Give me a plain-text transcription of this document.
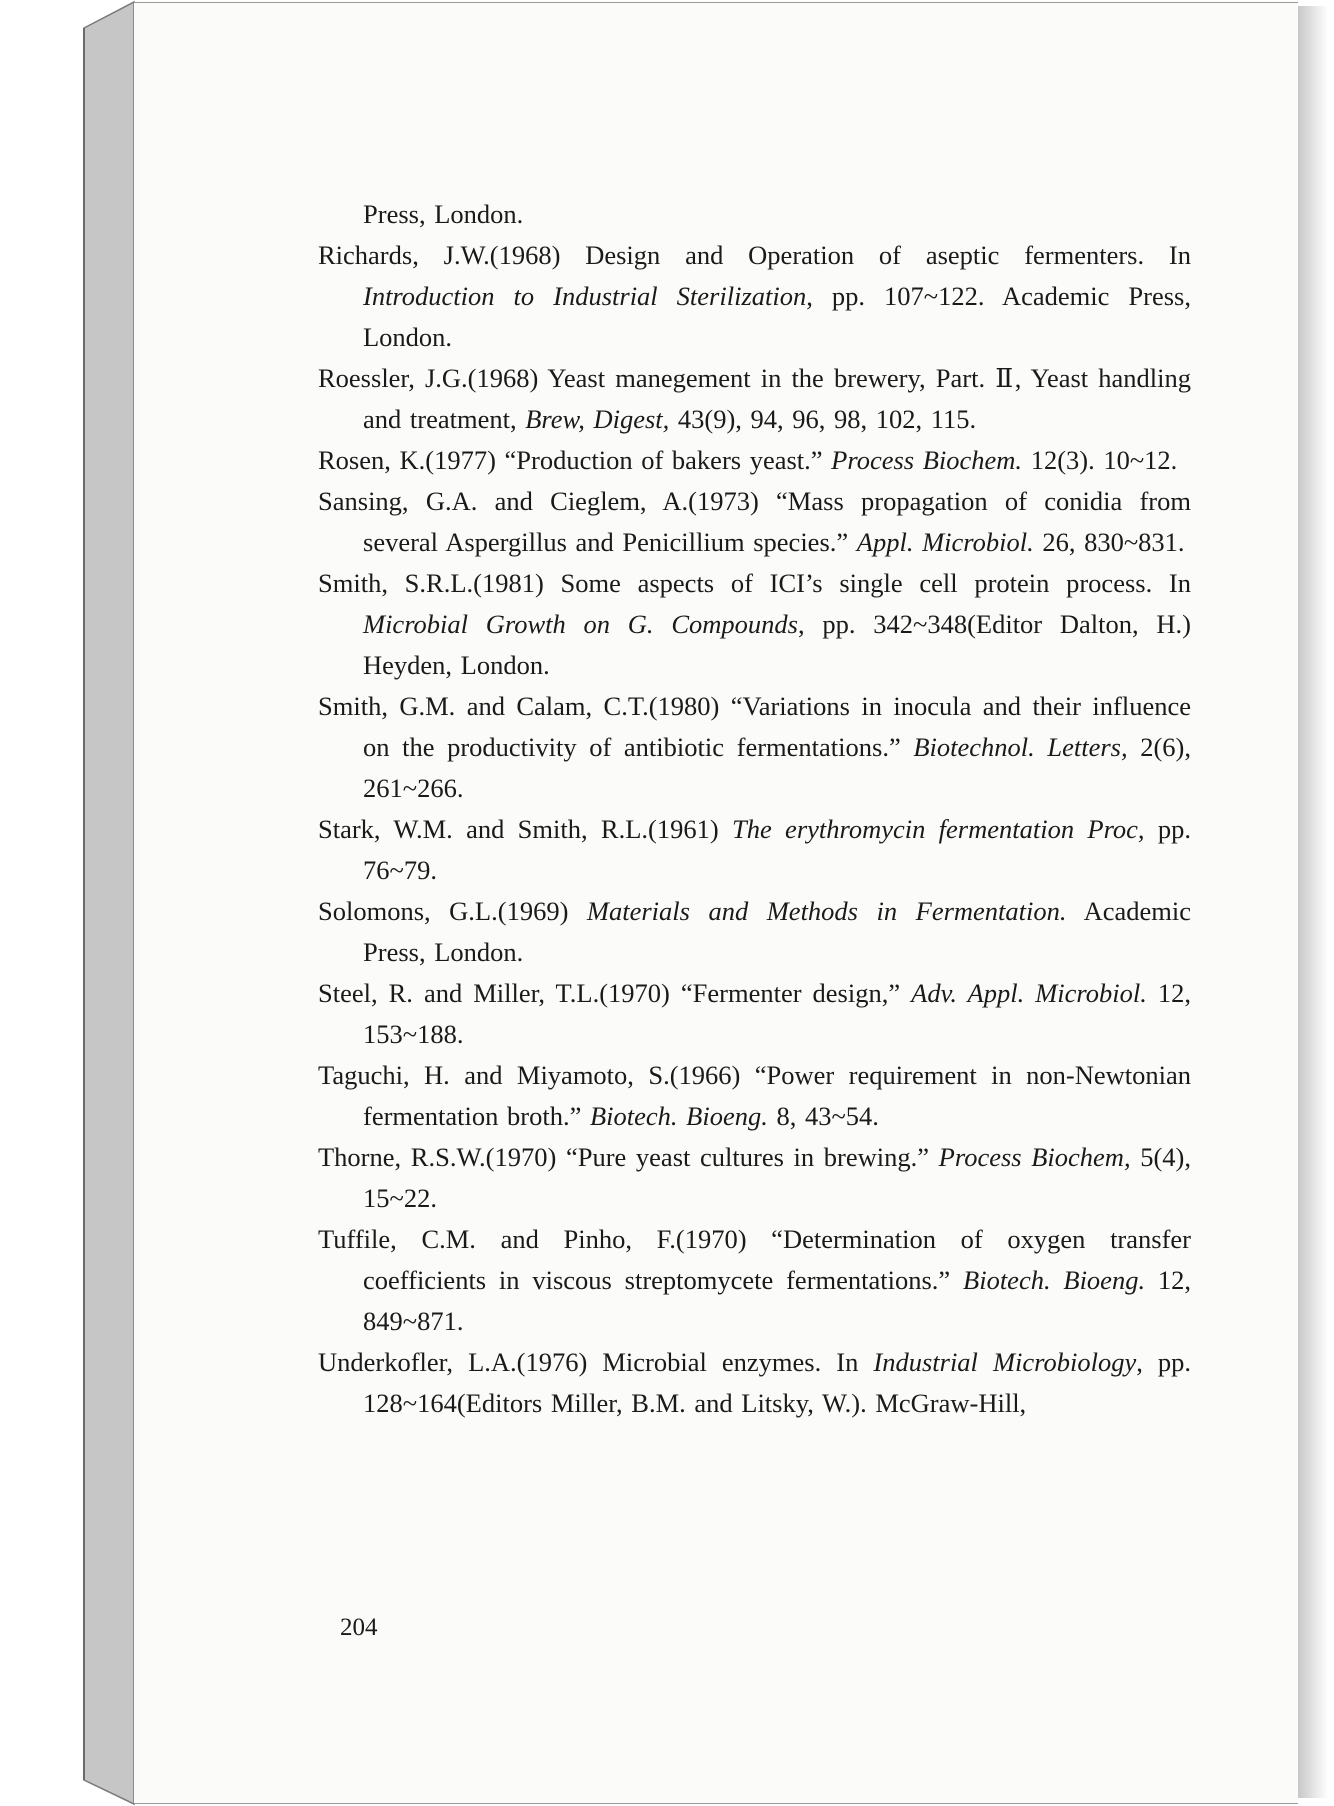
Press, London.

Richards, J.W.(1968) Design and Operation of aseptic fermenters. In Introduction to Industrial Sterilization, pp. 107~122. Academic Press, London.

Roessler, J.G.(1968) Yeast manegement in the brewery, Part. Ⅱ, Yeast handling and treatment, Brew, Digest, 43(9), 94, 96, 98, 102, 115.

Rosen, K.(1977) “Production of bakers yeast.” Process Biochem. 12(3). 10~12.

Sansing, G.A. and Cieglem, A.(1973) “Mass propagation of conidia from several Aspergillus and Penicillium species.” Appl. Microbiol. 26, 830~831.

Smith, S.R.L.(1981) Some aspects of ICI’s single cell protein process. In Microbial Growth on G. Compounds, pp. 342~348(Editor Dalton, H.) Heyden, London.

Smith, G.M. and Calam, C.T.(1980) “Variations in inocula and their influence on the productivity of antibiotic fermentations.” Biotechnol. Letters, 2(6), 261~266.

Stark, W.M. and Smith, R.L.(1961) The erythromycin fermentation Proc, pp. 76~79.

Solomons, G.L.(1969) Materials and Methods in Fermentation. Academic Press, London.

Steel, R. and Miller, T.L.(1970) “Fermenter design,” Adv. Appl. Microbiol. 12, 153~188.

Taguchi, H. and Miyamoto, S.(1966) “Power requirement in non-Newtonian fermentation broth.” Biotech. Bioeng. 8, 43~54.

Thorne, R.S.W.(1970) “Pure yeast cultures in brewing.” Process Biochem, 5(4), 15~22.

Tuffile, C.M. and Pinho, F.(1970) “Determination of oxygen transfer coefficients in viscous streptomycete fermentations.” Biotech. Bioeng. 12, 849~871.

Underkofler, L.A.(1976) Microbial enzymes. In Industrial Microbiology, pp. 128~164(Editors Miller, B.M. and Litsky, W.). McGraw-Hill,

204
